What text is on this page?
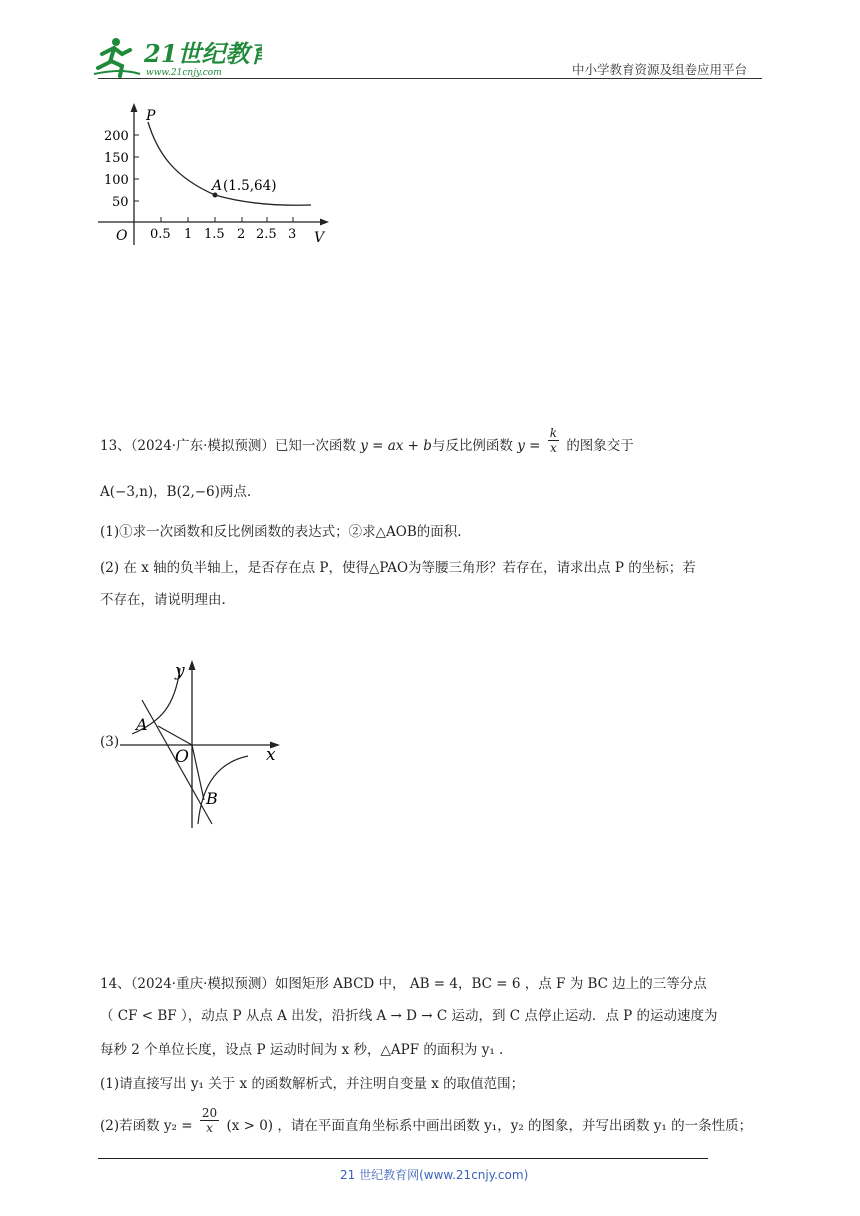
21世纪教育
www.21cnjy.com	中小学教育资源及组卷应用平台
P
V
O
200
150
100
50
0.5 1 1.5 2 2.5 3
A (1.5,64)
13、（2024·广东·模拟预测）已知一次函数 y = ax + b与反比例函数 $y = \frac{k}{x}$ 的图象交于
A(−3,n)，B(2,−6)两点.
(1)①求一次函数和反比例函数的表达式；②求△AOB的面积.
(2) 在 x 轴的负半轴上，是否存在点 P，使得△PAO为等腰三角形？若存在，请求出点 P 的坐标；若
不存在，请说明理由.
(3)
y
x
O
A
B
14、（2024·重庆·模拟预测）如图矩形 ABCD 中， AB = 4，BC = 6 ，点 F 为 BC 边上的三等分点
（ CF < BF ），动点 P 从点 A 出发，沿折线 A → D → C 运动，到 C 点停止运动．点 P 的运动速度为
每秒 2 个单位长度，设点 P 运动时间为 x 秒，△APF 的面积为 y₁ .
(1)请直接写出 y₁ 关于 x 的函数解析式，并注明自变量 x 的取值范围；
(2)若函数 $y_2 = \frac{20}{x} (x > 0)$ ，请在平面直角坐标系中画出函数 y₁，y₂ 的图象，并写出函数 y₁ 的一条性质；
21 世纪教育网(www.21cnjy.com)
